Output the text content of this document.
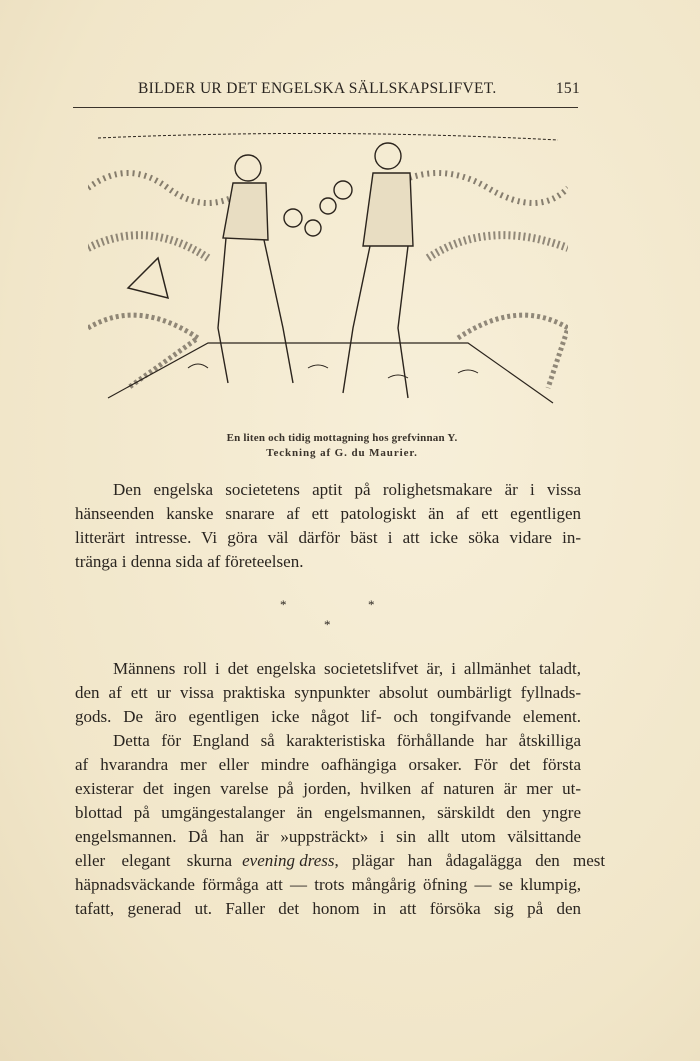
BILDER UR DET ENGELSKA SÄLLSKAPSLIFVET.	151
En liten och tidig mottagning hos grefvinnan Y.
Teckning af G. du Maurier.
Den engelska societetens aptit på rolighetsmakare är i vissa
hänseenden kanske snarare af ett patologiskt än af ett egentligen
litterärt intresse. Vi göra väl därför bäst i att icke söka vidare in-
tränga i denna sida af företeelsen.
*	*
*
Männens roll i det engelska societetslifvet är, i allmänhet taladt,
den af ett ur vissa praktiska synpunkter absolut oumbärligt fyllnads-
gods. De äro egentligen icke något lif- och tongifvande element.
Detta för England så karakteristiska förhållande har åtskilliga
af hvarandra mer eller mindre oafhängiga orsaker. För det första
existerar det ingen varelse på jorden, hvilken af naturen är mer ut-
blottad på umgängestalanger än engelsmannen, särskildt den yngre
engelsmannen. Då han är »uppsträckt» i sin allt utom välsittande
eller elegant skurna evening dress, plägar han ådagalägga den mest
häpnadsväckande förmåga att — trots mångårig öfning — se klumpig,
tafatt, generad ut. Faller det honom in att försöka sig på den
